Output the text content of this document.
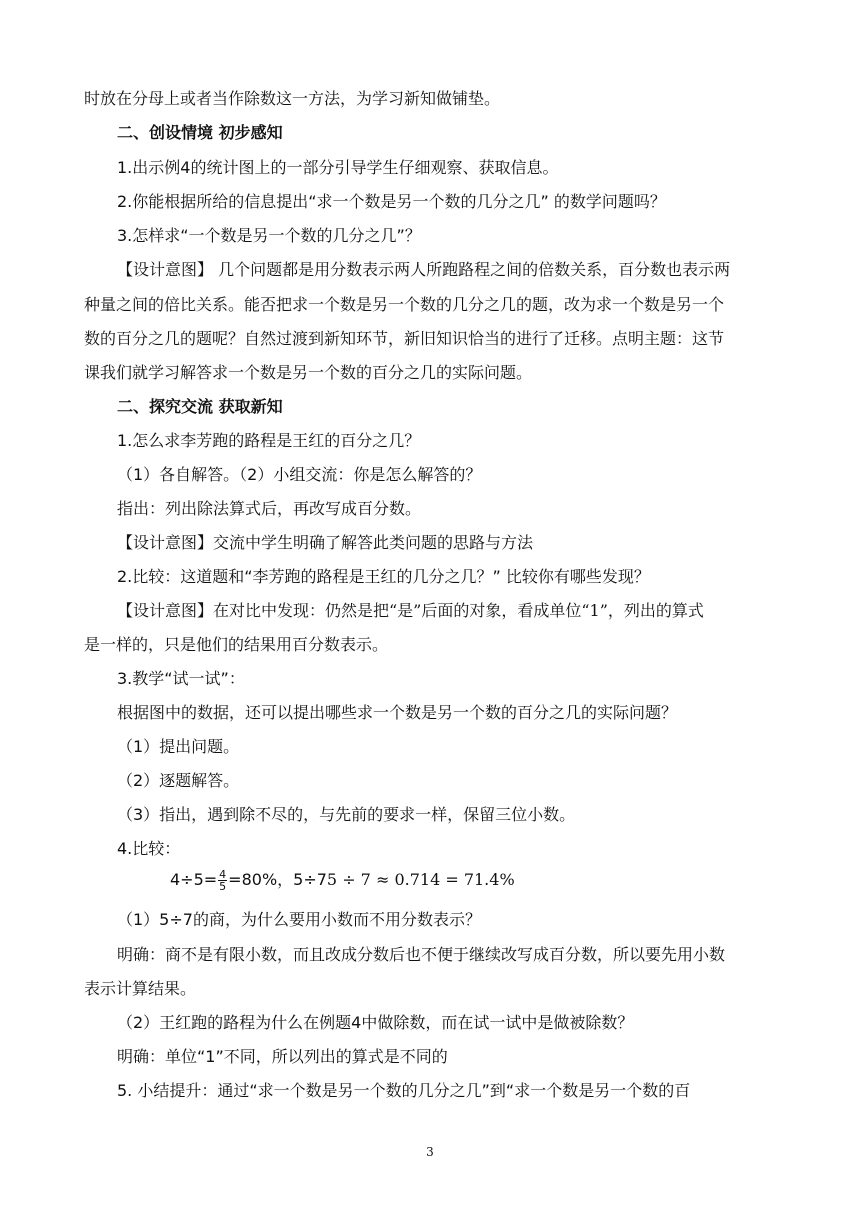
时放在分母上或者当作除数这一方法，为学习新知做铺垫。
二、创设情境 初步感知
1.出示例4的统计图上的一部分引导学生仔细观察、获取信息。
2.你能根据所给的信息提出“求一个数是另一个数的几分之几” 的数学问题吗？
3.怎样求“一个数是另一个数的几分之几”？
【设计意图】 几个问题都是用分数表示两人所跑路程之间的倍数关系，百分数也表示两
种量之间的倍比关系。能否把求一个数是另一个数的几分之几的题，改为求一个数是另一个
数的百分之几的题呢？自然过渡到新知环节，新旧知识恰当的进行了迁移。点明主题：这节
课我们就学习解答求一个数是另一个数的百分之几的实际问题。
二、探究交流 获取新知
1.怎么求李芳跑的路程是王红的百分之几？
（1）各自解答。（2）小组交流：你是怎么解答的？
指出：列出除法算式后，再改写成百分数。
【设计意图】交流中学生明确了解答此类问题的思路与方法
2.比较：这道题和“李芳跑的路程是王红的几分之几？” 比较你有哪些发现？
【设计意图】在对比中发现：仍然是把“是”后面的对象，看成单位“1”，列出的算式
是一样的，只是他们的结果用百分数表示。
3.教学“试一试”：
根据图中的数据，还可以提出哪些求一个数是另一个数的百分之几的实际问题？
（1）提出问题。
（2）逐题解答。
（3）指出，遇到除不尽的，与先前的要求一样，保留三位小数。
4.比较：
$4\div 5= \frac{4}{5} =80\%$，5÷75 ÷ 7 ≈ 0.714 = 71.4%
（1）5÷7的商，为什么要用小数而不用分数表示？
明确：商不是有限小数，而且改成分数后也不便于继续改写成百分数，所以要先用小数
表示计算结果。
（2）王红跑的路程为什么在例题4中做除数，而在试一试中是做被除数？
明确：单位“1”不同，所以列出的算式是不同的
5. 小结提升：通过“求一个数是另一个数的几分之几”到“求一个数是另一个数的百
3
